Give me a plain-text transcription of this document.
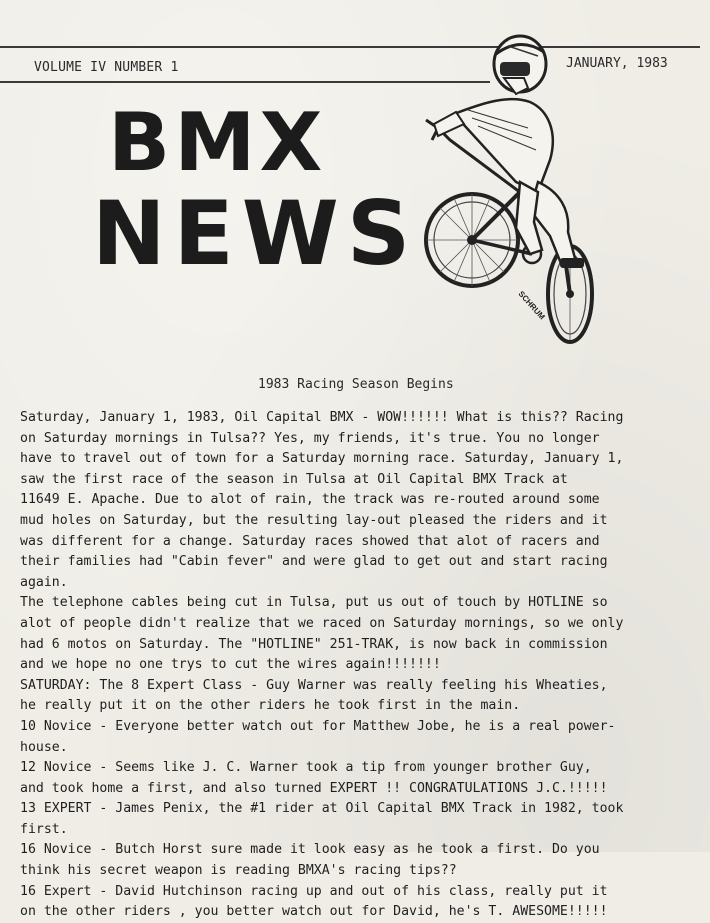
VOLUME IV NUMBER 1	JANUARY, 1983
BMX
NEWS
SCHRUM
1983 Racing Season Begins

Saturday, January 1, 1983, Oil Capital BMX - WOW!!!!!! What is this?? Racing

on Saturday mornings in Tulsa?? Yes, my friends, it's true. You no longer

have to travel out of town for a Saturday morning race. Saturday, January 1,

saw the first race of the season in Tulsa at Oil Capital BMX Track at

11649 E. Apache. Due to alot of rain, the track was re-routed around some

mud holes on Saturday, but the resulting lay-out pleased the riders and it

was different for a change. Saturday races showed that alot of racers and

their families had "Cabin fever" and were glad to get out and start racing

again.

The telephone cables being cut in Tulsa, put us out of touch by HOTLINE so

alot of people didn't realize that we raced on Saturday mornings, so we only

had 6 motos on Saturday. The "HOTLINE" 251-TRAK, is now back in commission

and we hope no one trys to cut the wires again!!!!!!!

SATURDAY: The 8 Expert Class - Guy Warner was really feeling his Wheaties,

he really put it on the other riders he took first in the main.

10 Novice - Everyone better watch out for Matthew Jobe, he is a real power-

house.

12 Novice - Seems like J. C. Warner took a tip from younger brother Guy,

and took home a first, and also turned EXPERT !! CONGRATULATIONS J.C.!!!!!

13 EXPERT - James Penix, the #1 rider at Oil Capital BMX Track in 1982, took

first.

16 Novice - Butch Horst sure made it look easy as he took a first. Do you

think his secret weapon is reading BMXA's racing tips??

16 Expert - David Hutchinson racing up and out of his class, really put it

on the other riders , you better watch out for David, he's T. AWESOME!!!!!
